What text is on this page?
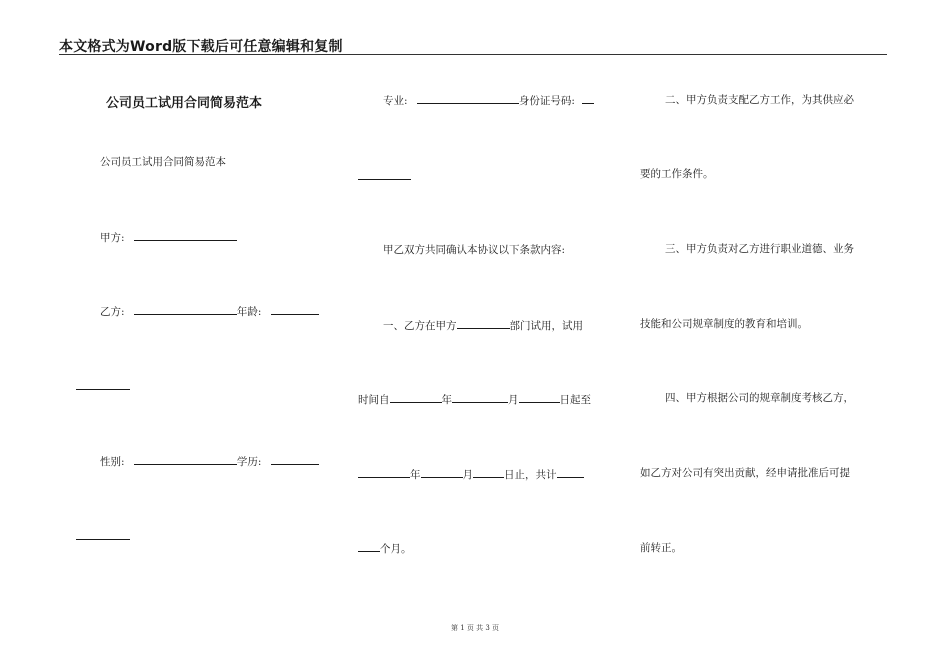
本文格式为Word版下载后可任意编辑和复制
公司员工试用合同简易范本
公司员工试用合同简易范本
甲方:
乙方:	年龄:
性别:	学历:
专业:	身份证号码:
甲乙双方共同确认本协议以下条款内容:
一、乙方在甲方	部门试用，试用
时间自	年	月	日起至
年	月	日止，共计
个月。
二、甲方负责支配乙方工作，为其供应必
要的工作条件。
三、甲方负责对乙方进行职业道德、业务
技能和公司规章制度的教育和培训。
四、甲方根据公司的规章制度考核乙方，
如乙方对公司有突出贡献，经申请批准后可提
前转正。
第 1 页 共 3 页
